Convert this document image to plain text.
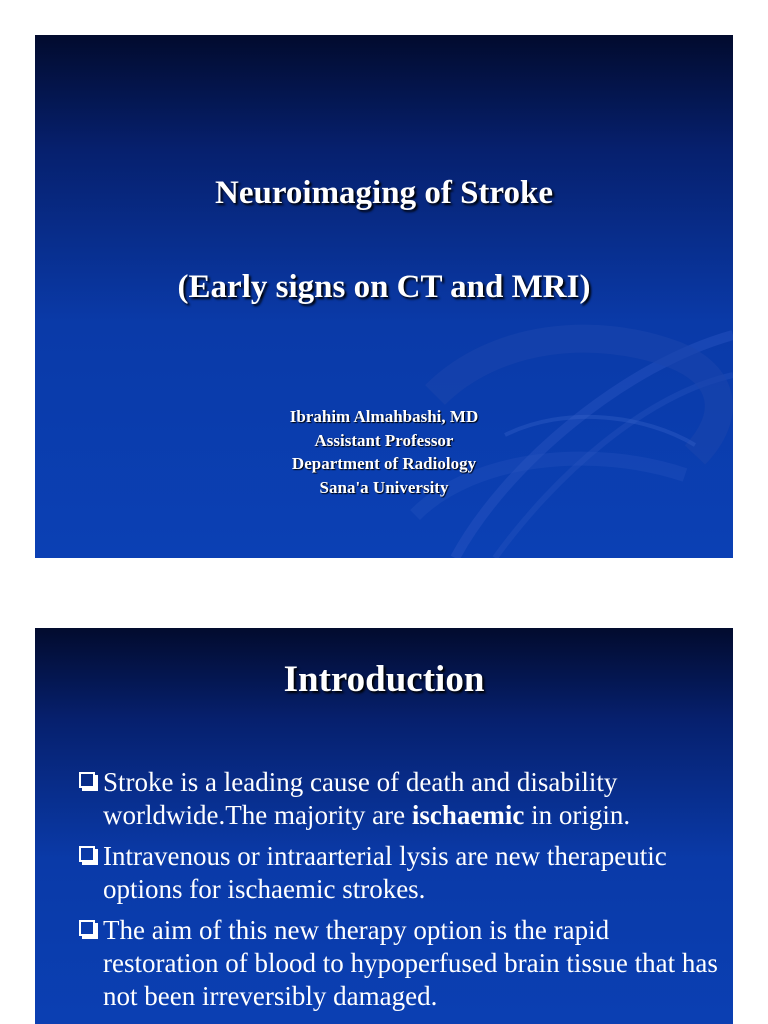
Neuroimaging of Stroke
(Early signs on CT and MRI)
Ibrahim Almahbashi, MD
Assistant Professor
Department of Radiology
Sana'a University
Introduction
Stroke is a leading cause of death and disability worldwide.The majority are ischaemic in origin.
Intravenous or intraarterial lysis are new therapeutic options for ischaemic strokes.
The aim of this new therapy option is the rapid restoration of blood to hypoperfused brain tissue that has not been irreversibly damaged.
